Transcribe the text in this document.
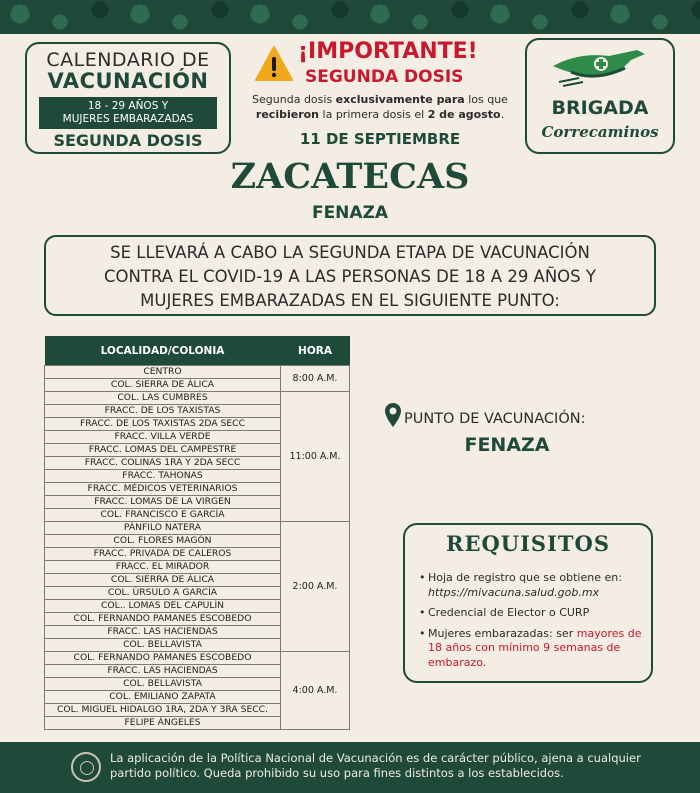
CALENDARIO DE
VACUNACIÓN
18 - 29 AÑOS Y
MUJERES EMBARAZADAS
SEGUNDA DOSIS
¡IMPORTANTE!
SEGUNDA DOSIS
Segunda dosis exclusivamente para los que
recibieron la primera dosis el 2 de agosto.
11 DE SEPTIEMBRE
BRIGADA
Correcaminos
ZACATECAS
FENAZA
SE LLEVARÁ A CABO LA SEGUNDA ETAPA DE VACUNACIÓN
CONTRA EL COVID-19 A LAS PERSONAS DE 18 A 29 AÑOS Y
MUJERES EMBARAZADAS EN EL SIGUIENTE PUNTO:
LOCALIDAD/COLONIA	HORA
CENTRO	8:00 A.M.
COL. SIERRA DE ÁLICA	
COL. LAS CUMBRES	11:00 A.M.
FRACC. DE LOS TAXISTAS	
FRACC. DE LOS TAXISTAS 2DA SECC	
FRACC. VILLA VERDE	
FRACC. LOMAS DEL CAMPESTRE	
FRACC. COLINAS 1RA Y 2DA SECC	
FRACC. TAHONAS	
FRACC. MÉDICOS VETERINARIOS	
FRACC. LOMAS DE LA VIRGEN	
COL. FRANCISCO E GARCÍA	
PÁNFILO NATERA	2:00 A.M.
COL. FLORES MAGÓN	
FRACC. PRIVADA DE CALEROS	
FRACC. EL MIRADOR	
COL. SIERRA DE ÁLICA	
COL. ÚRSULO A GARCÍA	
COL.. LOMAS DEL CAPULÍN	
COL. FERNANDO PAMANES ESCOBEDO	
FRACC. LAS HACIENDAS	
COL. BELLAVISTA	
COL. FERNANDO PAMANES ESCOBEDO	4:00 A.M.
FRACC. LAS HACIENDAS	
COL. BELLAVISTA	
COL. EMILIANO ZAPATA	
COL. MIGUEL HIDALGO 1RA, 2DA Y 3RA SECC.	
FELIPE ÁNGELES	
PUNTO DE VACUNACIÓN:
FENAZA
REQUISITOS
• Hoja de registro que se obtiene en: https://mivacuna.salud.gob.mx
• Credencial de Elector o CURP
• Mujeres embarazadas: ser mayores de 18 años con mínimo 9 semanas de embarazo.
La aplicación de la Política Nacional de Vacunación es de carácter público, ajena a cualquier partido político. Queda prohibido su uso para fines distintos a los establecidos.
